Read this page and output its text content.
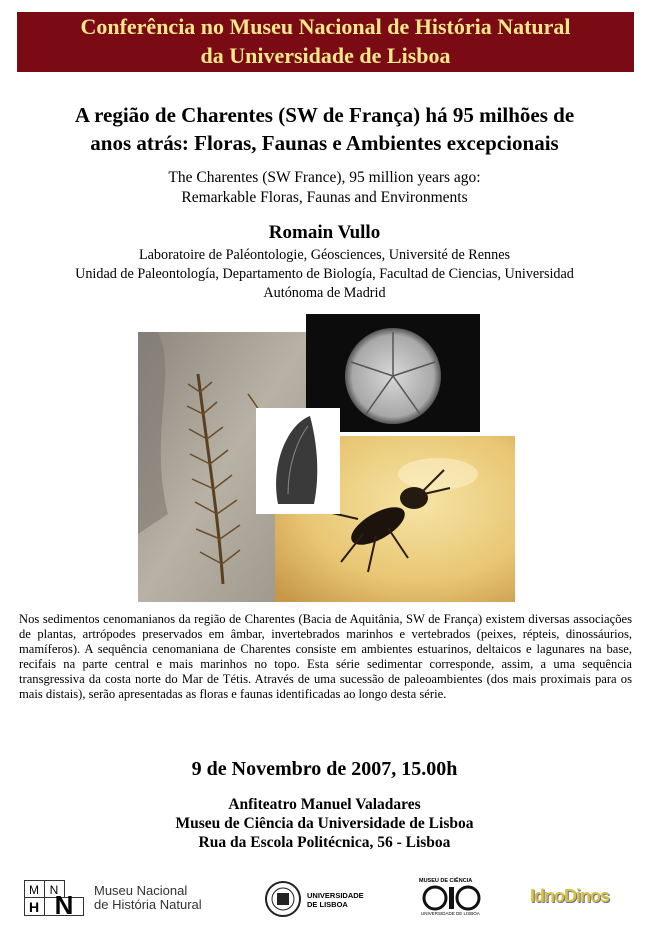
Conferência no Museu Nacional de História Natural
da Universidade de Lisboa
A região de Charentes (SW de França) há 95 milhões de
anos atrás: Floras, Faunas e Ambientes excepcionais
The Charentes (SW France), 95 million years ago:
Remarkable Floras, Faunas and Environments
Romain Vullo
Laboratoire de Paléontologie, Géosciences, Université de Rennes
Unidad de Paleontología, Departamento de Biología, Facultad de Ciencias, Universidad
Autónoma de Madrid
Nos sedimentos cenomanianos da região de Charentes (Bacia de Aquitânia, SW de França) existem diversas associações de plantas, artrópodes preservados em âmbar, invertebrados marinhos e vertebrados (peixes, répteis, dinossáurios, mamíferos). A sequência cenomaniana de Charentes consiste em ambientes estuarinos, deltaicos e lagunares na base, recifais na parte central e mais marinhos no topo. Esta série sedimentar corresponde, assim, a uma sequência transgressiva da costa norte do Mar de Tétis. Através de uma sucessão de paleoambientes (dos mais proximais para os mais distais), serão apresentadas as floras e faunas identificadas ao longo desta série.
9 de Novembro de 2007, 15.00h
Anfiteatro Manuel Valadares
Museu de Ciência da Universidade de Lisboa
Rua da Escola Politécnica, 56 - Lisboa
M N
H N Museu Nacional
de História Natural
UNIVERSIDADE
DE LISBOA
MUSEU DE CIÊNCIA
UNIVERSIDADE DE LISBOA
IdnoDinos
